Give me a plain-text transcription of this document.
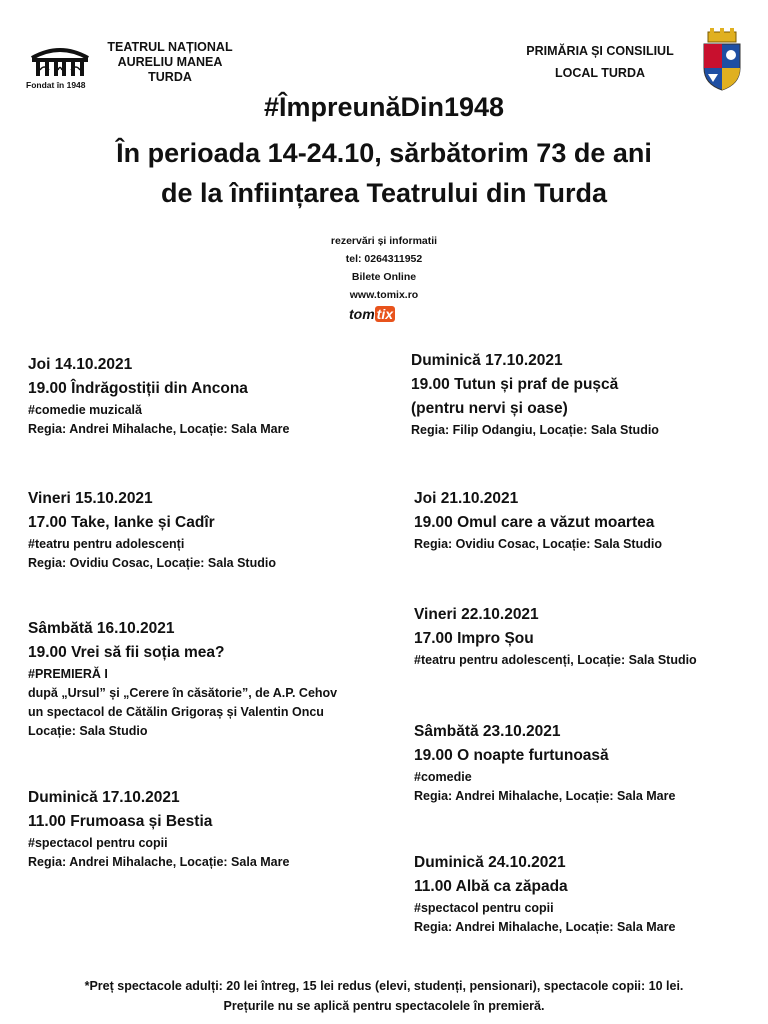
Fondat în 1948
TEATRUL NAȚIONAL
AURELIU MANEA
TURDA
PRIMĂRIA ȘI CONSILIUL
LOCAL TURDA
#ÎmpreunăDin1948
În perioada 14-24.10, sărbătorim 73 de ani
de la înființarea Teatrului din Turda
rezervări și informatii
tel: 0264311952
Bilete Online
www.tomix.ro
tom tix
Joi 14.10.2021
19.00 Îndrăgostiții din Ancona
#comedie muzicală
Regia: Andrei Mihalache, Locație: Sala Mare
Vineri 15.10.2021
17.00 Take, Ianke și Cadîr
#teatru pentru adolescenți
Regia: Ovidiu Cosac, Locație: Sala Studio
Sâmbătă 16.10.2021
19.00 Vrei să fii soția mea?
#PREMIERĂ I
după „Ursul” și „Cerere în căsătorie”, de A.P. Cehov
un spectacol de Cătălin Grigoraș și Valentin Oncu
Locație: Sala Studio
Duminică 17.10.2021
11.00 Frumoasa și Bestia
#spectacol pentru copii
Regia: Andrei Mihalache, Locație: Sala Mare
Duminică 17.10.2021
19.00 Tutun și praf de pușcă
(pentru nervi și oase)
Regia: Filip Odangiu, Locație: Sala Studio
Joi 21.10.2021
19.00 Omul care a văzut moartea
Regia: Ovidiu Cosac, Locație: Sala Studio
Vineri 22.10.2021
17.00 Impro Șou
#teatru pentru adolescenți, Locație: Sala Studio
Sâmbătă 23.10.2021
19.00 O noapte furtunoasă
#comedie
Regia: Andrei Mihalache, Locație: Sala Mare
Duminică 24.10.2021
11.00 Albă ca zăpada
#spectacol pentru copii
Regia: Andrei Mihalache, Locație: Sala Mare
*Preț spectacole adulți: 20 lei întreg, 15 lei redus (elevi, studenți, pensionari), spectacole copii: 10 lei.
Prețurile nu se aplică pentru spectacolele în premieră.
